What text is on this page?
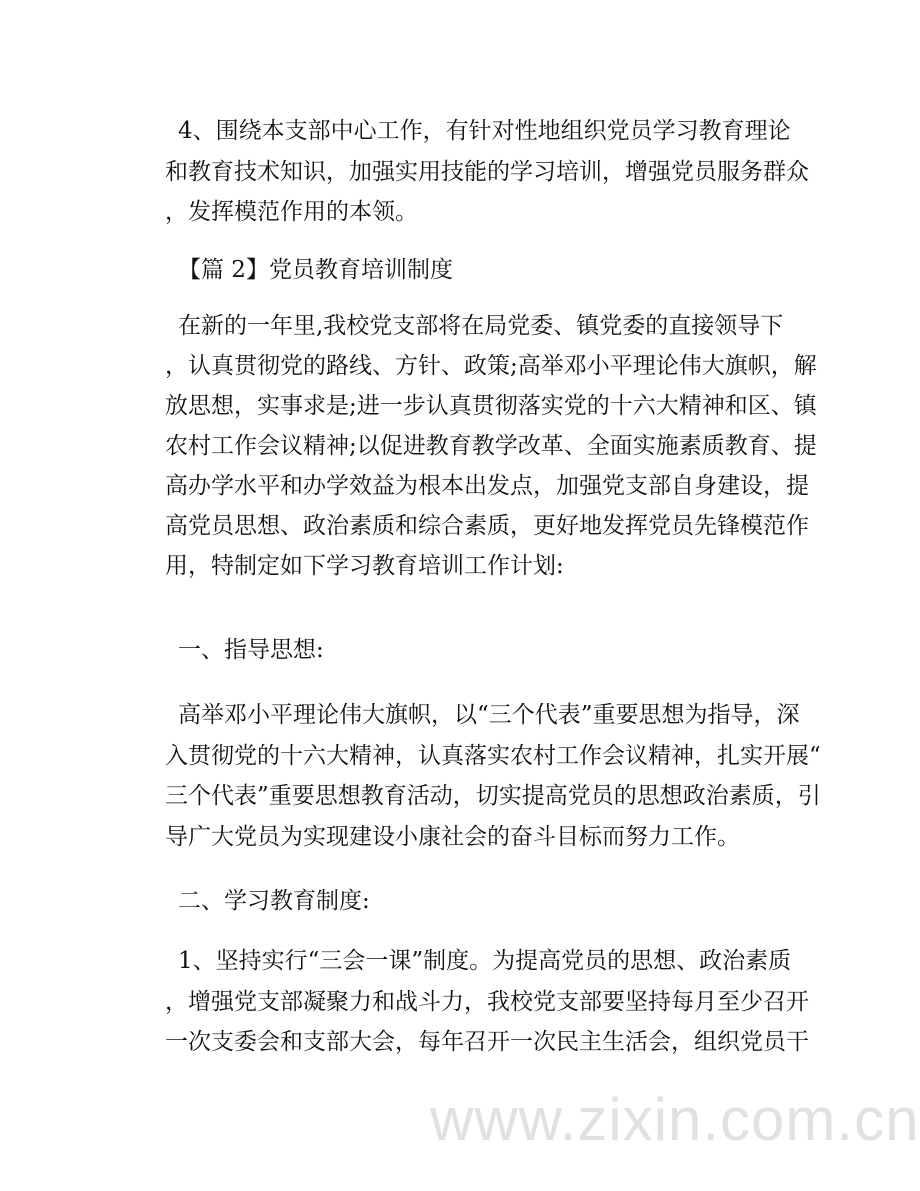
www.zixin.com.cn
4、围绕本支部中心工作，有针对性地组织党员学习教育理论
和教育技术知识，加强实用技能的学习培训，增强党员服务群众
，发挥模范作用的本领。
【篇 2】党员教育培训制度
在新的一年里,我校党支部将在局党委、镇党委的直接领导下
，认真贯彻党的路线、方针、政策;高举邓小平理论伟大旗帜，解
放思想，实事求是;进一步认真贯彻落实党的十六大精神和区、镇
农村工作会议精神;以促进教育教学改革、全面实施素质教育、提
高办学水平和办学效益为根本出发点，加强党支部自身建设，提
高党员思想、政治素质和综合素质，更好地发挥党员先锋模范作
用，特制定如下学习教育培训工作计划:
一、指导思想:
高举邓小平理论伟大旗帜，以“三个代表”重要思想为指导，深
入贯彻党的十六大精神，认真落实农村工作会议精神，扎实开展“
三个代表”重要思想教育活动，切实提高党员的思想政治素质，引
导广大党员为实现建设小康社会的奋斗目标而努力工作。
二、学习教育制度:
1、坚持实行“三会一课”制度。为提高党员的思想、政治素质
，增强党支部凝聚力和战斗力，我校党支部要坚持每月至少召开
一次支委会和支部大会，每年召开一次民主生活会，组织党员干
